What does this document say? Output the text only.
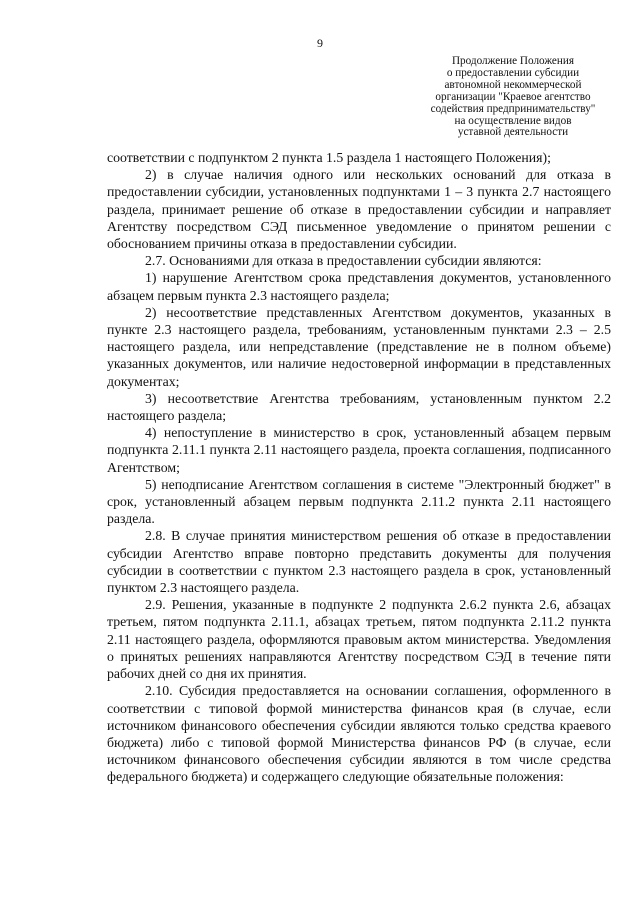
9
Продолжение Положения
о предоставлении субсидии
автономной некоммерческой
организации "Краевое агентство
содействия предпринимательству"
на осуществление видов
уставной деятельности

соответствии с подпунктом 2 пункта 1.5 раздела 1 настоящего Положения);

2) в случае наличия одного или нескольких оснований для отказа в предоставлении субсидии, установленных подпунктами 1 – 3 пункта 2.7 настоящего раздела, принимает решение об отказе в предоставлении субсидии и направляет Агентству посредством СЭД письменное уведомление о принятом решении с обоснованием причины отказа в предоставлении субсидии.

2.7. Основаниями для отказа в предоставлении субсидии являются:

1) нарушение Агентством срока представления документов, установленного абзацем первым пункта 2.3 настоящего раздела;

2) несоответствие представленных Агентством документов, указанных в пункте 2.3 настоящего раздела, требованиям, установленным пунктами 2.3 – 2.5 настоящего раздела, или непредставление (представление не в полном объеме) указанных документов, или наличие недостоверной информации в представленных документах;

3) несоответствие Агентства требованиям, установленным пунктом 2.2 настоящего раздела;

4) непоступление в министерство в срок, установленный абзацем первым подпункта 2.11.1 пункта 2.11 настоящего раздела, проекта соглашения, подписанного Агентством;

5) неподписание Агентством соглашения в системе "Электронный бюджет" в срок, установленный абзацем первым подпункта 2.11.2 пункта 2.11 настоящего раздела.

2.8. В случае принятия министерством решения об отказе в предоставлении субсидии Агентство вправе повторно представить документы для получения субсидии в соответствии с пунктом 2.3 настоящего раздела в срок, установленный пунктом 2.3 настоящего раздела.

2.9. Решения, указанные в подпункте 2 подпункта 2.6.2 пункта 2.6, абзацах третьем, пятом подпункта 2.11.1, абзацах третьем, пятом подпункта 2.11.2 пункта 2.11 настоящего раздела, оформляются правовым актом министерства. Уведомления о принятых решениях направляются Агентству посредством СЭД в течение пяти рабочих дней со дня их принятия.

2.10. Субсидия предоставляется на основании соглашения, оформленного в соответствии с типовой формой министерства финансов края (в случае, если источником финансового обеспечения субсидии являются только средства краевого бюджета) либо с типовой формой Министерства финансов РФ (в случае, если источником финансового обеспечения субсидии являются в том числе средства федерального бюджета) и содержащего следующие обязательные положения:
